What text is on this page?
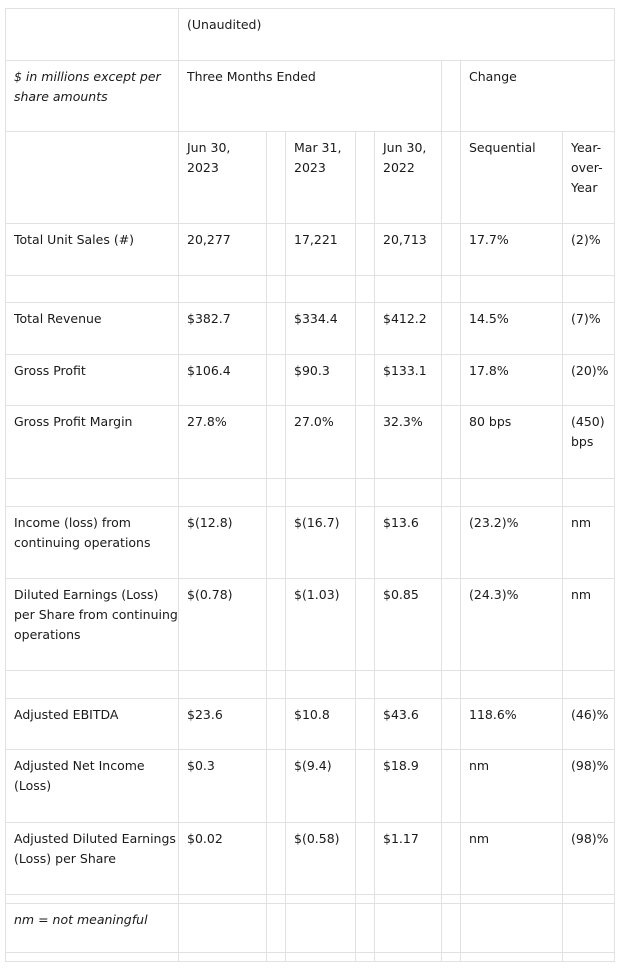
	(Unaudited)							

$ in millions except per share amounts	Three Months Ended						Change	

	Jun 30, 2023		Mar 31, 2023		Jun 30, 2022		Sequential	Year-over-Year

Total Unit Sales (#)	20,277		17,221		20,713		17.7%	(2)%

Total Revenue	$382.7		$334.4		$412.2		14.5%	(7)%

Gross Profit	$106.4		$90.3		$133.1		17.8%	(20)%

Gross Profit Margin	27.8%		27.0%		32.3%		80 bps	(450) bps

Income (loss) from continuing operations	$(12.8)		$(16.7)		$13.6		(23.2)%	nm

Diluted Earnings (Loss) per Share from continuing operations	$(0.78)		$(1.03)		$0.85		(24.3)%	nm

Adjusted EBITDA	$23.6		$10.8		$43.6		118.6%	(46)%

Adjusted Net Income (Loss)	$0.3		$(9.4)		$18.9		nm	(98)%

Adjusted Diluted Earnings (Loss) per Share	$0.02		$(0.58)		$1.17		nm	(98)%

nm = not meaningful								
